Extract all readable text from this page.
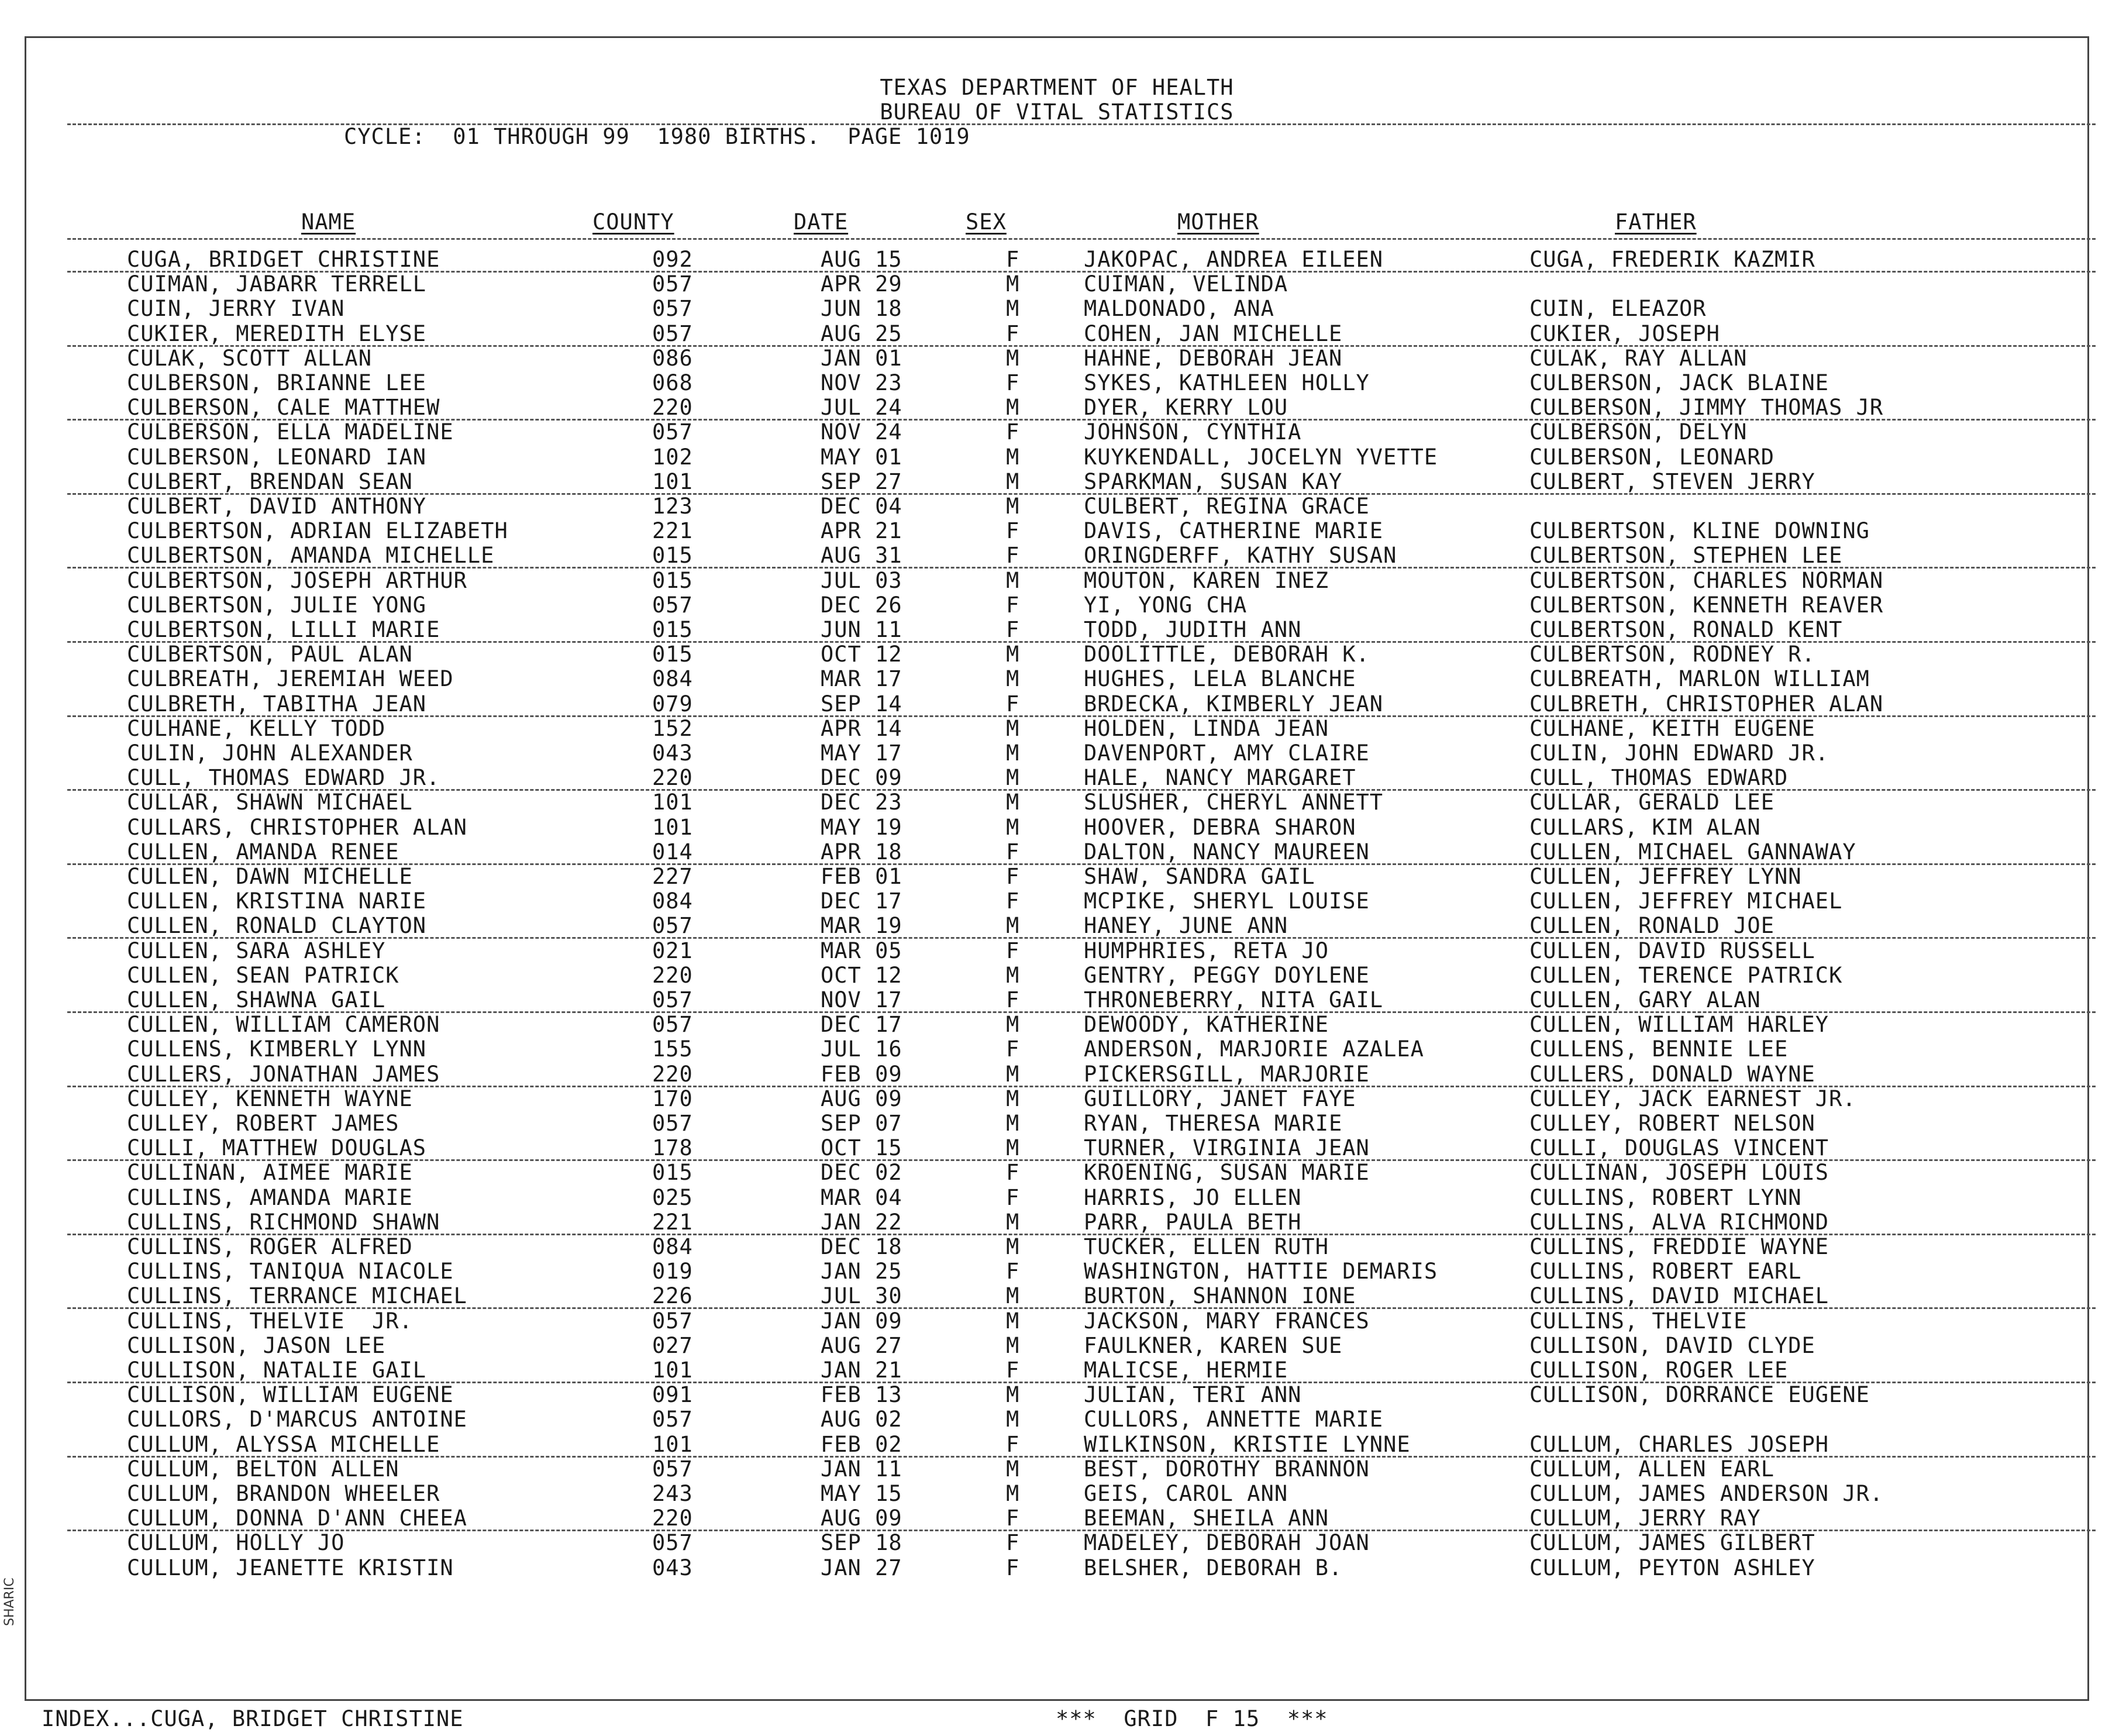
SHARIC
TEXAS DEPARTMENT OF HEALTH
BUREAU OF VITAL STATISTICS
CYCLE:  01 THROUGH 99  1980 BIRTHS.  PAGE 1019
NAME	COUNTY	DATE	SEX	MOTHER	FATHER
CUGA, BRIDGET CHRISTINE	092	AUG 15	F	JAKOPAC, ANDREA EILEEN	CUGA, FREDERIK KAZMIR
CUIMAN, JABARR TERRELL	057	APR 29	M	CUIMAN, VELINDA
CUIN, JERRY IVAN	057	JUN 18	M	MALDONADO, ANA	CUIN, ELEAZOR
CUKIER, MEREDITH ELYSE	057	AUG 25	F	COHEN, JAN MICHELLE	CUKIER, JOSEPH
CULAK, SCOTT ALLAN	086	JAN 01	M	HAHNE, DEBORAH JEAN	CULAK, RAY ALLAN
CULBERSON, BRIANNE LEE	068	NOV 23	F	SYKES, KATHLEEN HOLLY	CULBERSON, JACK BLAINE
CULBERSON, CALE MATTHEW	220	JUL 24	M	DYER, KERRY LOU	CULBERSON, JIMMY THOMAS JR
CULBERSON, ELLA MADELINE	057	NOV 24	F	JOHNSON, CYNTHIA	CULBERSON, DELYN
CULBERSON, LEONARD IAN	102	MAY 01	M	KUYKENDALL, JOCELYN YVETTE	CULBERSON, LEONARD
CULBERT, BRENDAN SEAN	101	SEP 27	M	SPARKMAN, SUSAN KAY	CULBERT, STEVEN JERRY
CULBERT, DAVID ANTHONY	123	DEC 04	M	CULBERT, REGINA GRACE
CULBERTSON, ADRIAN ELIZABETH	221	APR 21	F	DAVIS, CATHERINE MARIE	CULBERTSON, KLINE DOWNING
CULBERTSON, AMANDA MICHELLE	015	AUG 31	F	ORINGDERFF, KATHY SUSAN	CULBERTSON, STEPHEN LEE
CULBERTSON, JOSEPH ARTHUR	015	JUL 03	M	MOUTON, KAREN INEZ	CULBERTSON, CHARLES NORMAN
CULBERTSON, JULIE YONG	057	DEC 26	F	YI, YONG CHA	CULBERTSON, KENNETH REAVER
CULBERTSON, LILLI MARIE	015	JUN 11	F	TODD, JUDITH ANN	CULBERTSON, RONALD KENT
CULBERTSON, PAUL ALAN	015	OCT 12	M	DOOLITTLE, DEBORAH K.	CULBERTSON, RODNEY R.
CULBREATH, JEREMIAH WEED	084	MAR 17	M	HUGHES, LELA BLANCHE	CULBREATH, MARLON WILLIAM
CULBRETH, TABITHA JEAN	079	SEP 14	F	BRDECKA, KIMBERLY JEAN	CULBRETH, CHRISTOPHER ALAN
CULHANE, KELLY TODD	152	APR 14	M	HOLDEN, LINDA JEAN	CULHANE, KEITH EUGENE
CULIN, JOHN ALEXANDER	043	MAY 17	M	DAVENPORT, AMY CLAIRE	CULIN, JOHN EDWARD JR.
CULL, THOMAS EDWARD JR.	220	DEC 09	M	HALE, NANCY MARGARET	CULL, THOMAS EDWARD
CULLAR, SHAWN MICHAEL	101	DEC 23	M	SLUSHER, CHERYL ANNETT	CULLAR, GERALD LEE
CULLARS, CHRISTOPHER ALAN	101	MAY 19	M	HOOVER, DEBRA SHARON	CULLARS, KIM ALAN
CULLEN, AMANDA RENEE	014	APR 18	F	DALTON, NANCY MAUREEN	CULLEN, MICHAEL GANNAWAY
CULLEN, DAWN MICHELLE	227	FEB 01	F	SHAW, SANDRA GAIL	CULLEN, JEFFREY LYNN
CULLEN, KRISTINA NARIE	084	DEC 17	F	MCPIKE, SHERYL LOUISE	CULLEN, JEFFREY MICHAEL
CULLEN, RONALD CLAYTON	057	MAR 19	M	HANEY, JUNE ANN	CULLEN, RONALD JOE
CULLEN, SARA ASHLEY	021	MAR 05	F	HUMPHRIES, RETA JO	CULLEN, DAVID RUSSELL
CULLEN, SEAN PATRICK	220	OCT 12	M	GENTRY, PEGGY DOYLENE	CULLEN, TERENCE PATRICK
CULLEN, SHAWNA GAIL	057	NOV 17	F	THRONEBERRY, NITA GAIL	CULLEN, GARY ALAN
CULLEN, WILLIAM CAMERON	057	DEC 17	M	DEWOODY, KATHERINE	CULLEN, WILLIAM HARLEY
CULLENS, KIMBERLY LYNN	155	JUL 16	F	ANDERSON, MARJORIE AZALEA	CULLENS, BENNIE LEE
CULLERS, JONATHAN JAMES	220	FEB 09	M	PICKERSGILL, MARJORIE	CULLERS, DONALD WAYNE
CULLEY, KENNETH WAYNE	170	AUG 09	M	GUILLORY, JANET FAYE	CULLEY, JACK EARNEST JR.
CULLEY, ROBERT JAMES	057	SEP 07	M	RYAN, THERESA MARIE	CULLEY, ROBERT NELSON
CULLI, MATTHEW DOUGLAS	178	OCT 15	M	TURNER, VIRGINIA JEAN	CULLI, DOUGLAS VINCENT
CULLINAN, AIMEE MARIE	015	DEC 02	F	KROENING, SUSAN MARIE	CULLINAN, JOSEPH LOUIS
CULLINS, AMANDA MARIE	025	MAR 04	F	HARRIS, JO ELLEN	CULLINS, ROBERT LYNN
CULLINS, RICHMOND SHAWN	221	JAN 22	M	PARR, PAULA BETH	CULLINS, ALVA RICHMOND
CULLINS, ROGER ALFRED	084	DEC 18	M	TUCKER, ELLEN RUTH	CULLINS, FREDDIE WAYNE
CULLINS, TANIQUA NIACOLE	019	JAN 25	F	WASHINGTON, HATTIE DEMARIS	CULLINS, ROBERT EARL
CULLINS, TERRANCE MICHAEL	226	JUL 30	M	BURTON, SHANNON IONE	CULLINS, DAVID MICHAEL
CULLINS, THELVIE  JR.	057	JAN 09	M	JACKSON, MARY FRANCES	CULLINS, THELVIE
CULLISON, JASON LEE	027	AUG 27	M	FAULKNER, KAREN SUE	CULLISON, DAVID CLYDE
CULLISON, NATALIE GAIL	101	JAN 21	F	MALICSE, HERMIE	CULLISON, ROGER LEE
CULLISON, WILLIAM EUGENE	091	FEB 13	M	JULIAN, TERI ANN	CULLISON, DORRANCE EUGENE
CULLORS, D'MARCUS ANTOINE	057	AUG 02	M	CULLORS, ANNETTE MARIE
CULLUM, ALYSSA MICHELLE	101	FEB 02	F	WILKINSON, KRISTIE LYNNE	CULLUM, CHARLES JOSEPH
CULLUM, BELTON ALLEN	057	JAN 11	M	BEST, DOROTHY BRANNON	CULLUM, ALLEN EARL
CULLUM, BRANDON WHEELER	243	MAY 15	M	GEIS, CAROL ANN	CULLUM, JAMES ANDERSON JR.
CULLUM, DONNA D'ANN CHEEA	220	AUG 09	F	BEEMAN, SHEILA ANN	CULLUM, JERRY RAY
CULLUM, HOLLY JO	057	SEP 18	F	MADELEY, DEBORAH JOAN	CULLUM, JAMES GILBERT
CULLUM, JEANETTE KRISTIN	043	JAN 27	F	BELSHER, DEBORAH B.	CULLUM, PEYTON ASHLEY
INDEX...CUGA, BRIDGET CHRISTINE	***  GRID  F 15  ***
